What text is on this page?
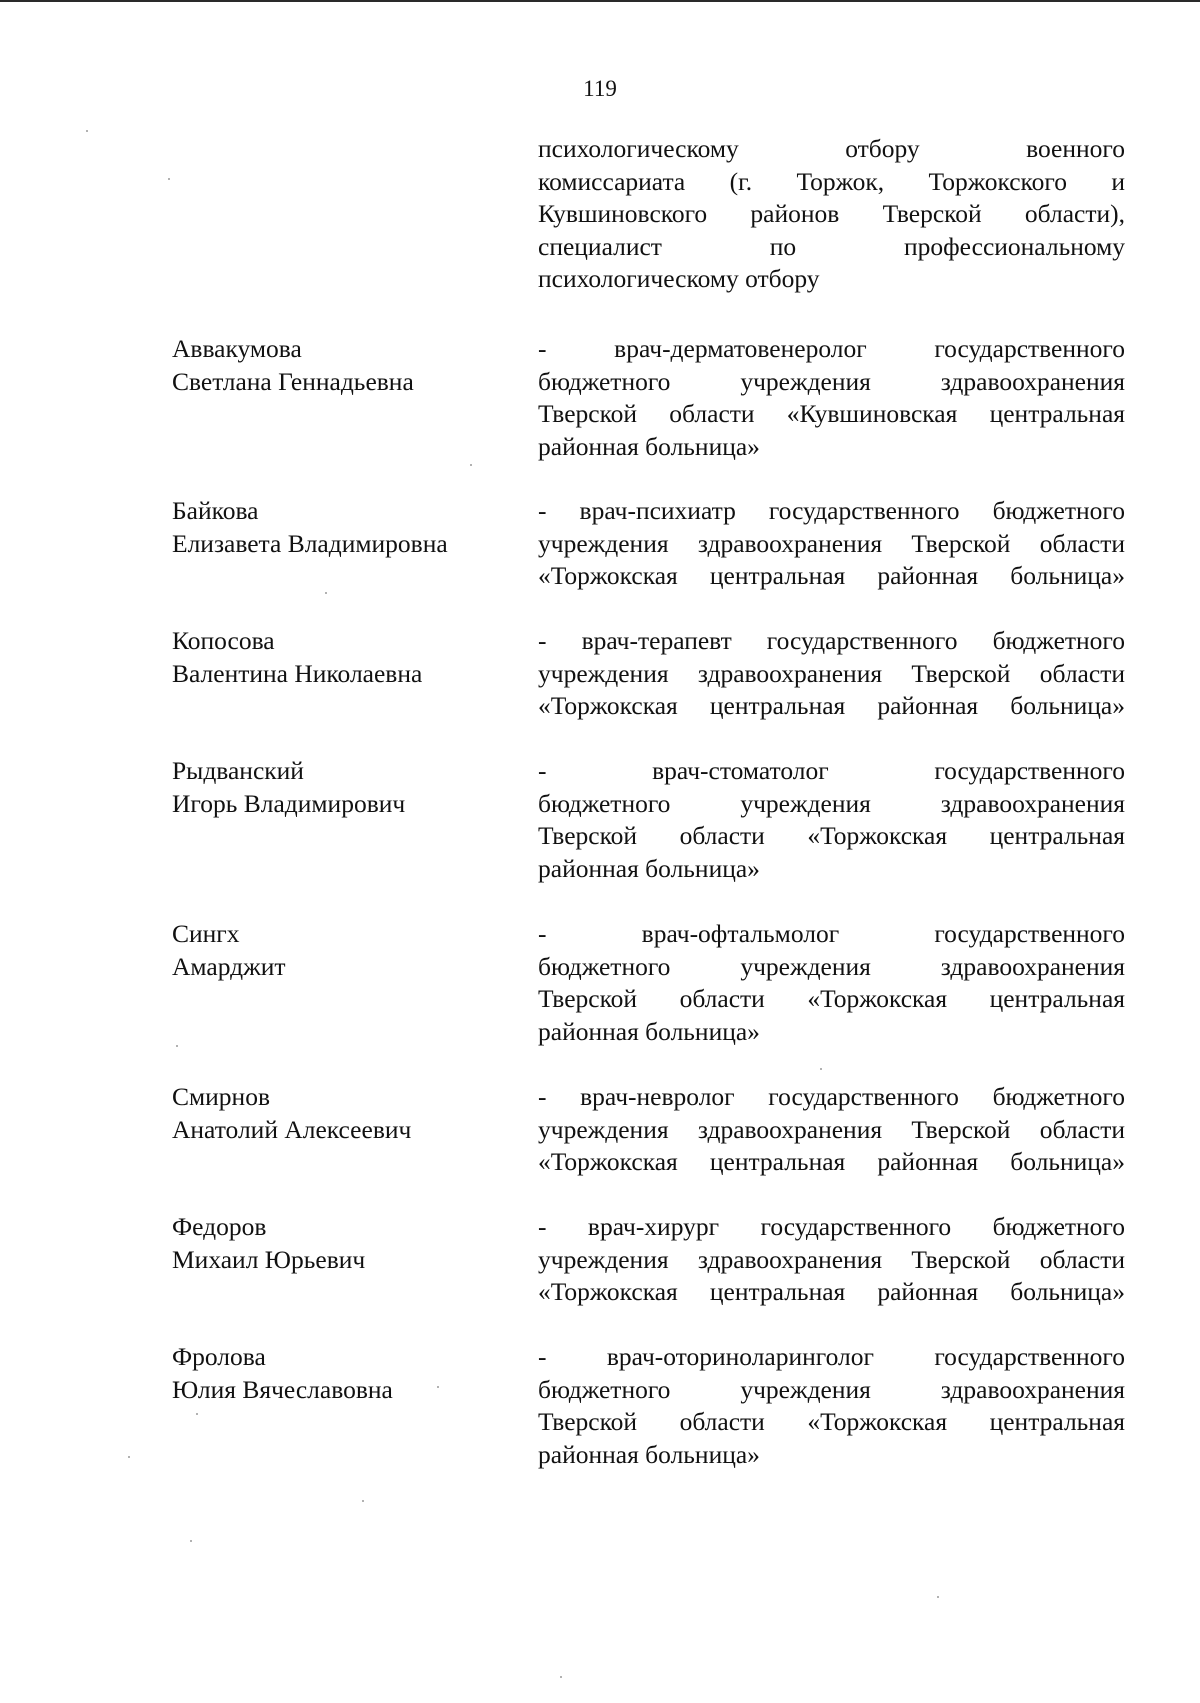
119
психологическому отбору военного
комиссариата (г. Торжок, Торжокского и
Кувшиновского районов Тверской области),
специалист по профессиональному
психологическому отбору
Аввакумова
Светлана Геннадьевна
- врач-дерматовенеролог государственного
бюджетного учреждения здравоохранения
Тверской области «Кувшиновская центральная
районная больница»
Байкова
Елизавета Владимировна
- врач-психиатр государственного бюджетного
учреждения здравоохранения Тверской области
«Торжокская центральная районная больница»
Копосова
Валентина Николаевна
- врач-терапевт государственного бюджетного
учреждения здравоохранения Тверской области
«Торжокская центральная районная больница»
Рыдванский
Игорь Владимирович
- врач-стоматолог государственного
бюджетного учреждения здравоохранения
Тверской области «Торжокская центральная
районная больница»
Сингх
Амарджит
- врач-офтальмолог государственного
бюджетного учреждения здравоохранения
Тверской области «Торжокская центральная
районная больница»
Смирнов
Анатолий Алексеевич
- врач-невролог государственного бюджетного
учреждения здравоохранения Тверской области
«Торжокская центральная районная больница»
Федоров
Михаил Юрьевич
- врач-хирург государственного бюджетного
учреждения здравоохранения Тверской области
«Торжокская центральная районная больница»
Фролова
Юлия Вячеславовна
- врач-оториноларинголог государственного
бюджетного учреждения здравоохранения
Тверской области «Торжокская центральная
районная больница»
